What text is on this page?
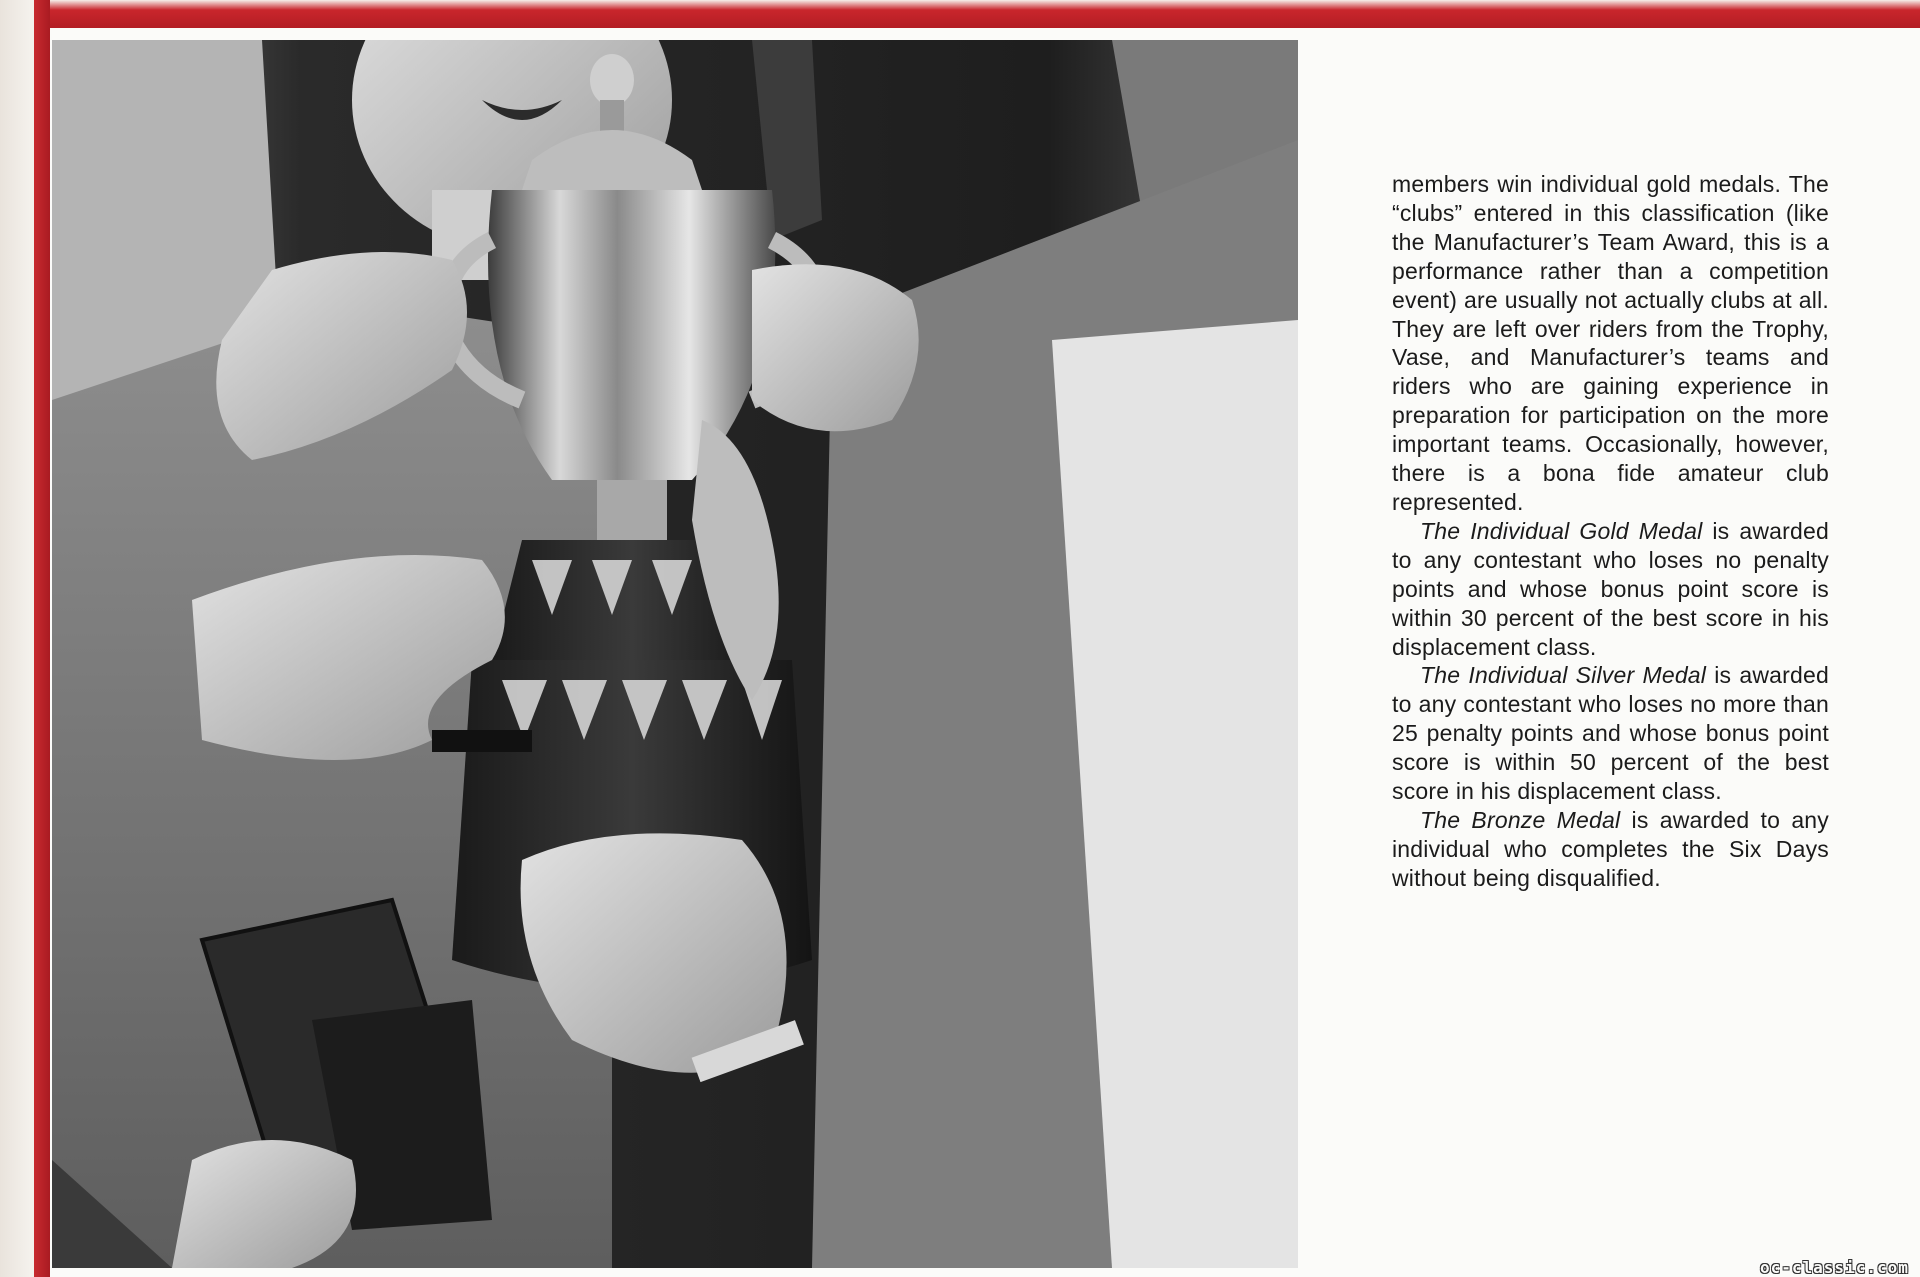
members win individual gold medals. The “clubs” entered in this classification (like the Manufacturer’s Team Award, this is a performance rather than a competition event) are usually not actually clubs at all. They are left over riders from the Trophy, Vase, and Manufacturer’s teams and riders who are gaining experience in preparation for participation on the more important teams. Occasionally, however, there is a bona fide amateur club represented.

The Individual Gold Medal is awarded to any contestant who loses no penalty points and whose bonus point score is within 30 percent of the best score in his displacement class.

The Individual Silver Medal is awarded to any contestant who loses no more than 25 penalty points and whose bonus point score is within 50 percent of the best score in his displacement class.

The Bronze Medal is awarded to any individual who completes the Six Days without being disqualified.

oc-classic.com
